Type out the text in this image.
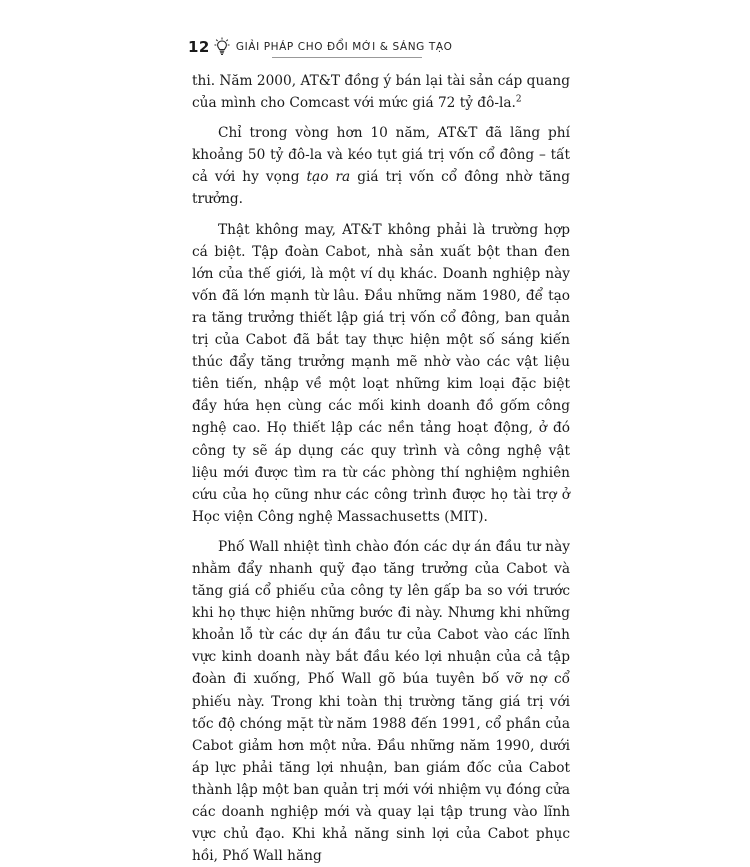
12 GIẢI PHÁP CHO ĐỔI MỚI & SÁNG TẠO

thi. Năm 2000, AT&T đồng ý bán lại tài sản cáp quang của mình cho Comcast với mức giá 72 tỷ đô-la.$^2$

Chỉ trong vòng hơn 10 năm, AT&T đã lãng phí khoảng 50 tỷ đô-la và kéo tụt giá trị vốn cổ đông – tất cả với hy vọng tạo ra giá trị vốn cổ đông nhờ tăng trưởng.

Thật không may, AT&T không phải là trường hợp cá biệt. Tập đoàn Cabot, nhà sản xuất bột than đen lớn của thế giới, là một ví dụ khác. Doanh nghiệp này vốn đã lớn mạnh từ lâu. Đầu những năm 1980, để tạo ra tăng trưởng thiết lập giá trị vốn cổ đông, ban quản trị của Cabot đã bắt tay thực hiện một số sáng kiến thúc đẩy tăng trưởng mạnh mẽ nhờ vào các vật liệu tiên tiến, nhập về một loạt những kim loại đặc biệt đầy hứa hẹn cùng các mối kinh doanh đồ gốm công nghệ cao. Họ thiết lập các nền tảng hoạt động, ở đó công ty sẽ áp dụng các quy trình và công nghệ vật liệu mới được tìm ra từ các phòng thí nghiệm nghiên cứu của họ cũng như các công trình được họ tài trợ ở Học viện Công nghệ Massachusetts (MIT).

Phố Wall nhiệt tình chào đón các dự án đầu tư này nhằm đẩy nhanh quỹ đạo tăng trưởng của Cabot và tăng giá cổ phiếu của công ty lên gấp ba so với trước khi họ thực hiện những bước đi này. Nhưng khi những khoản lỗ từ các dự án đầu tư của Cabot vào các lĩnh vực kinh doanh này bắt đầu kéo lợi nhuận của cả tập đoàn đi xuống, Phố Wall gõ búa tuyên bố vỡ nợ cổ phiếu này. Trong khi toàn thị trường tăng giá trị với tốc độ chóng mặt từ năm 1988 đến 1991, cổ phần của Cabot giảm hơn một nửa. Đầu những năm 1990, dưới áp lực phải tăng lợi nhuận, ban giám đốc của Cabot thành lập một ban quản trị mới với nhiệm vụ đóng cửa các doanh nghiệp mới và quay lại tập trung vào lĩnh vực chủ đạo. Khi khả năng sinh lợi của Cabot phục hồi, Phố Wall hăng
